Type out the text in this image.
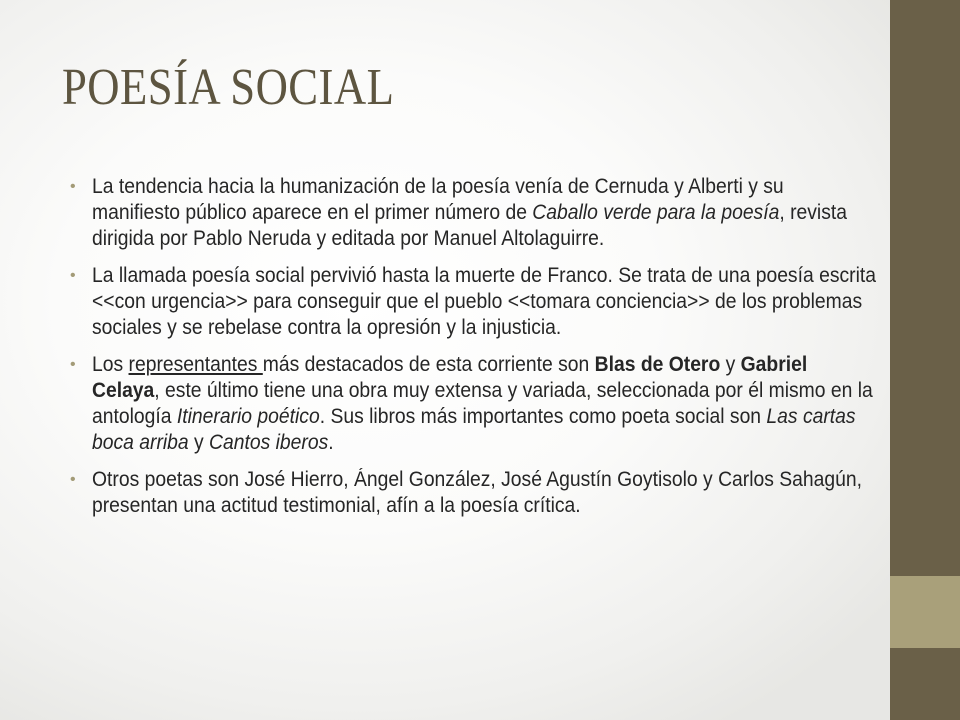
POESÍA SOCIAL
• La tendencia hacia la humanización de la poesía venía de Cernuda y Alberti y su manifiesto público aparece en el primer número de Caballo verde para la poesía, revista dirigida por Pablo Neruda y editada por Manuel Altolaguirre.
• La llamada poesía social pervivió hasta la muerte de Franco. Se trata de una poesía escrita <<con urgencia>> para conseguir que el pueblo <<tomara conciencia>> de los problemas sociales y se rebelase contra la opresión y la injusticia.
• Los representantes más destacados de esta corriente son Blas de Otero y Gabriel Celaya, este último tiene una obra muy extensa y variada, seleccionada por él mismo en la antología Itinerario poético. Sus libros más importantes como poeta social son Las cartas boca arriba y Cantos iberos.
• Otros poetas son José Hierro, Ángel González, José Agustín Goytisolo y Carlos Sahagún, presentan una actitud testimonial, afín a la poesía crítica.
